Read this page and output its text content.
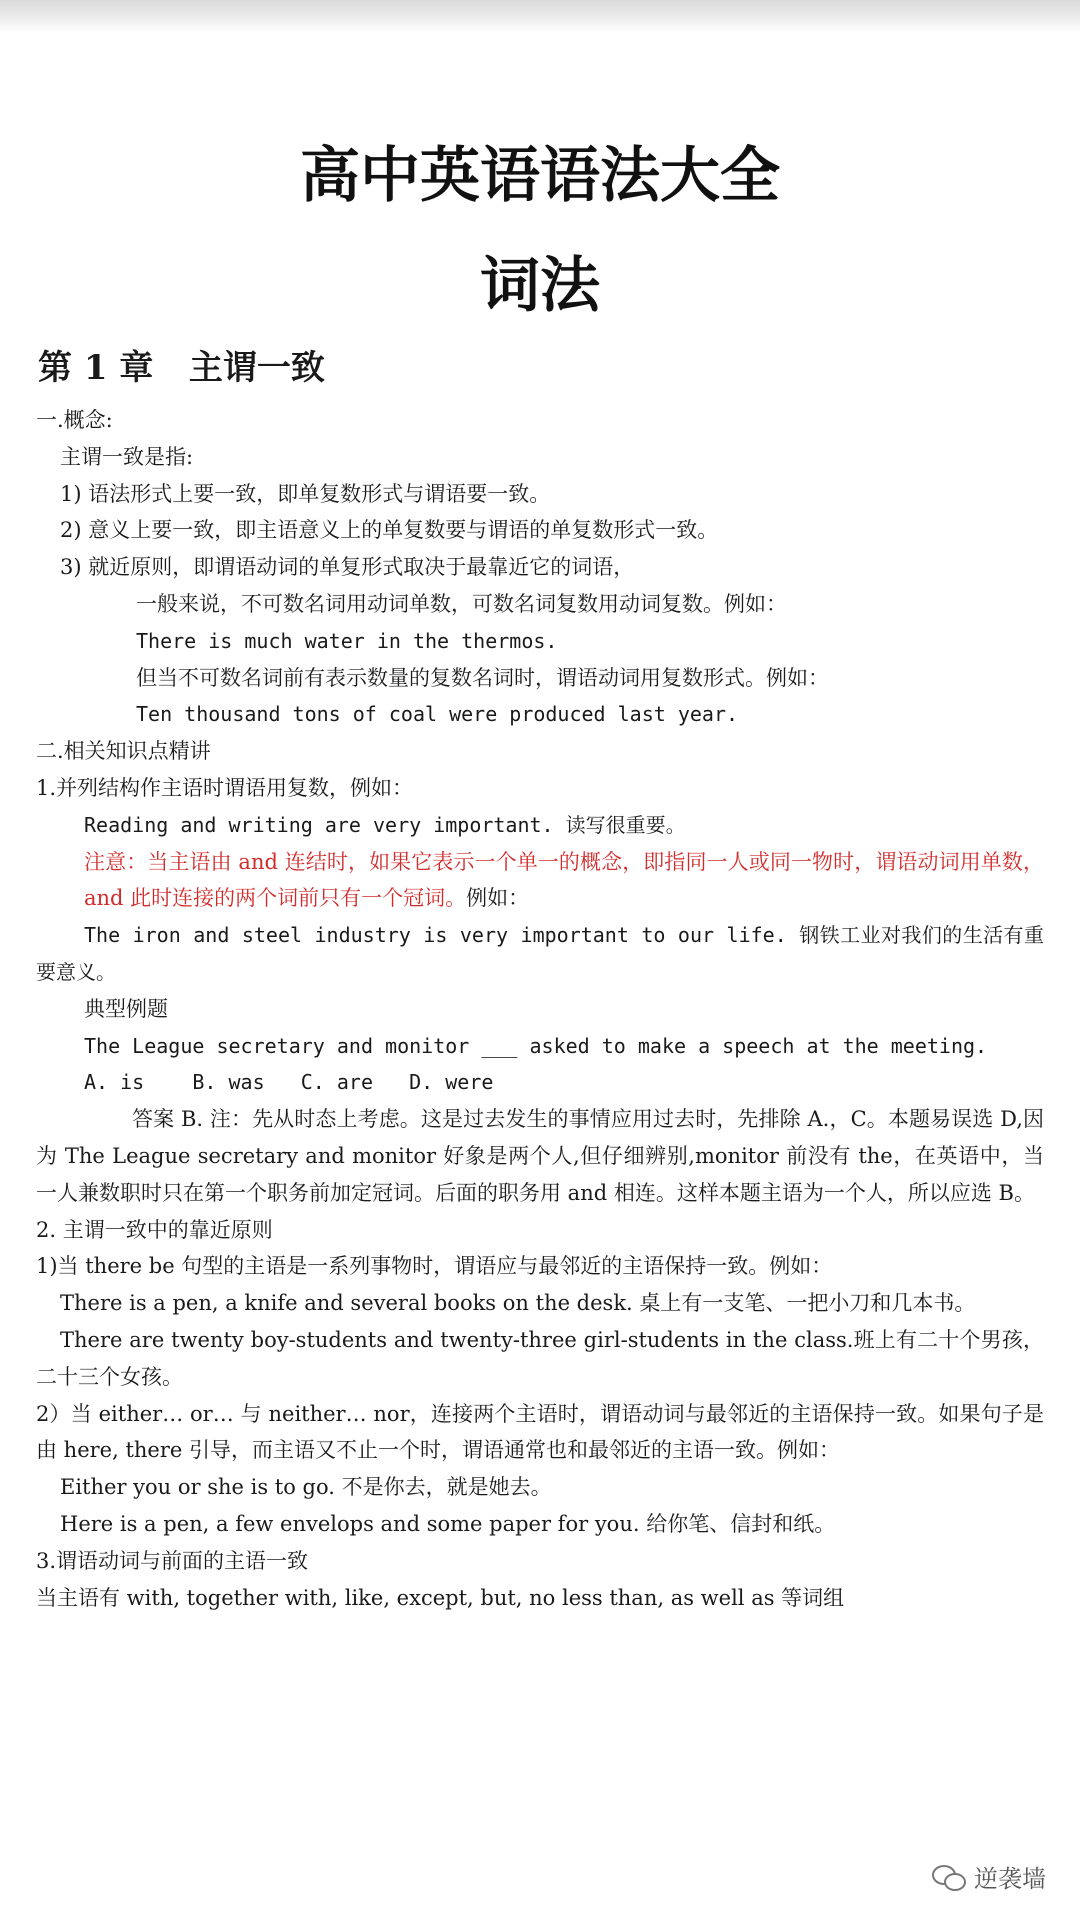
高中英语语法大全
词法
第 1 章   主谓一致

一.概念:

主谓一致是指:

1) 语法形式上要一致，即单复数形式与谓语要一致。

2) 意义上要一致，即主语意义上的单复数要与谓语的单复数形式一致。

3) 就近原则，即谓语动词的单复形式取决于最靠近它的词语，

一般来说，不可数名词用动词单数，可数名词复数用动词复数。例如：

There is much water in the thermos.

但当不可数名词前有表示数量的复数名词时，谓语动词用复数形式。例如：

Ten thousand tons of coal were produced last year.

二.相关知识点精讲

1.并列结构作主语时谓语用复数，例如：

Reading and writing are very important. 读写很重要。

注意：当主语由 and 连结时，如果它表示一个单一的概念，即指同一人或同一物时，谓语动词用单数，and 此时连接的两个词前只有一个冠词。例如：

The iron and steel industry is very important to our life. 钢铁工业对我们的生活有重要意义。

典型例题

The League secretary and monitor ___ asked to make a speech at the meeting.

A. is    B. was   C. are   D. were

答案 B. 注：先从时态上考虑。这是过去发生的事情应用过去时，先排除 A.，C。本题易误选 D,因为 The League secretary and monitor 好象是两个人,但仔细辨别,monitor 前没有 the，在英语中，当一人兼数职时只在第一个职务前加定冠词。后面的职务用 and 相连。这样本题主语为一个人，所以应选 B。

2. 主谓一致中的靠近原则

1)当 there be 句型的主语是一系列事物时，谓语应与最邻近的主语保持一致。例如：

There is a pen, a knife and several books on the desk. 桌上有一支笔、一把小刀和几本书。

There are twenty boy-students and twenty-three girl-students in the class.班上有二十个男孩，二十三个女孩。

2）当 either… or… 与 neither… nor，连接两个主语时，谓语动词与最邻近的主语保持一致。如果句子是由 here, there 引导，而主语又不止一个时，谓语通常也和最邻近的主语一致。例如：

Either you or she is to go. 不是你去，就是她去。

Here is a pen, a few envelops and some paper for you. 给你笔、信封和纸。

3.谓语动词与前面的主语一致

当主语有 with, together with, like, except, but, no less than, as well as 等词组

逆袭墙
